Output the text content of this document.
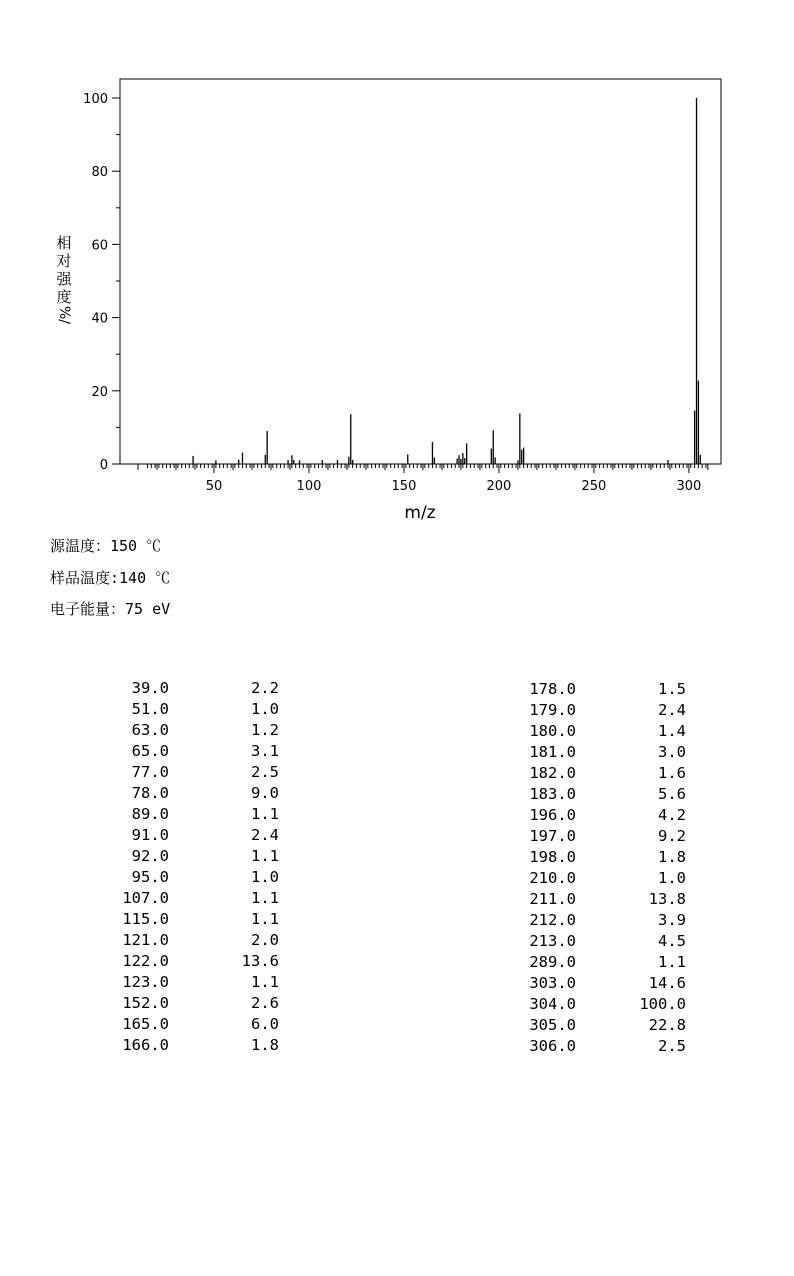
0
20
40
60
80
100
50	100	150	200	250	300
m/z
相
对
强
度
%/
源温度：150 ℃
样品温度:140 ℃
电子能量：75 eV
39.0	2.2
51.0	1.0
63.0	1.2
65.0	3.1
77.0	2.5
78.0	9.0
89.0	1.1
91.0	2.4
92.0	1.1
95.0	1.0
107.0	1.1
115.0	1.1
121.0	2.0
122.0	13.6
123.0	1.1
152.0	2.6
165.0	6.0
166.0	1.8
178.0	1.5
179.0	2.4
180.0	1.4
181.0	3.0
182.0	1.6
183.0	5.6
196.0	4.2
197.0	9.2
198.0	1.8
210.0	1.0
211.0	13.8
212.0	3.9
213.0	4.5
289.0	1.1
303.0	14.6
304.0	100.0
305.0	22.8
306.0	2.5
